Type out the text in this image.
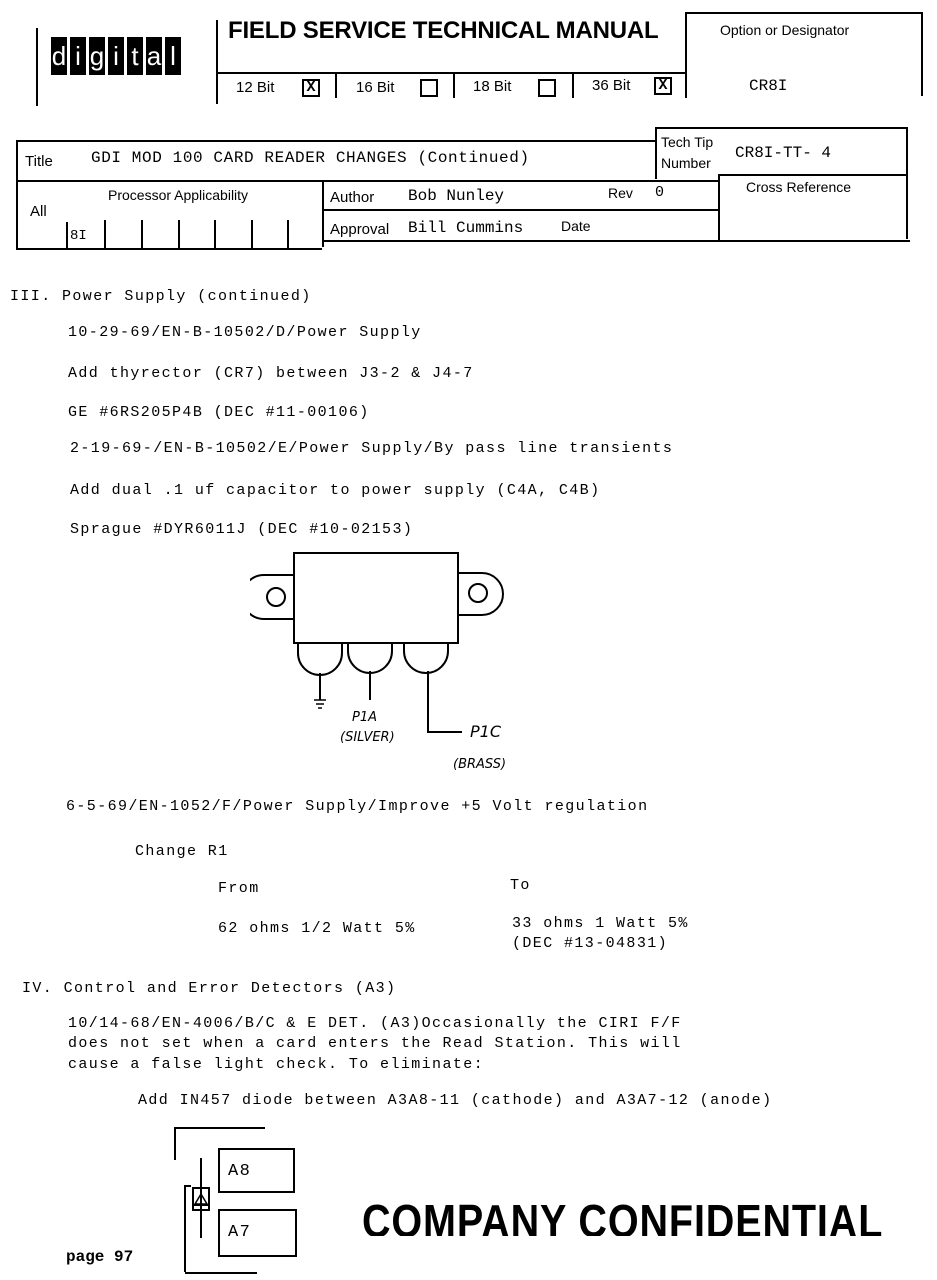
d i g i t a l
FIELD SERVICE TECHNICAL MANUAL
12 Bit X	16 Bit	18 Bit	36 Bit X
Option or Designator
CR8I
Title GDI MOD 100 CARD READER CHANGES (Continued)
Tech Tip
Number
CR8I-TT- 4
All
Processor Applicability
8I
Author Bob Nunley	Rev 0
Approval Bill Cummins	Date
Cross Reference
III. Power Supply (continued)
10-29-69/EN-B-10502/D/Power Supply
Add thyrector (CR7) between J3-2 & J4-7
GE #6RS205P4B (DEC #11-00106)
2-19-69-/EN-B-10502/E/Power Supply/By pass line transients
Add dual .1 uf capacitor to power supply (C4A, C4B)
Sprague #DYR6011J (DEC #10-02153)
P1A
(SILVER)	P1C
(BRASS)
6-5-69/EN-1052/F/Power Supply/Improve +5 Volt regulation
Change R1
From	To
62 ohms 1/2 Watt 5%	33 ohms 1 Watt 5%
(DEC #13-04831)
IV. Control and Error Detectors (A3)
10/14-68/EN-4006/B/C & E DET. (A3)Occasionally the CIRI F/F
does not set when a card enters the Read Station. This will
cause a false light check. To eliminate:
Add IN457 diode between A3A8-11 (cathode) and A3A7-12 (anode)
A8
A7
page 97
COMPANY CONFIDENTIAL
